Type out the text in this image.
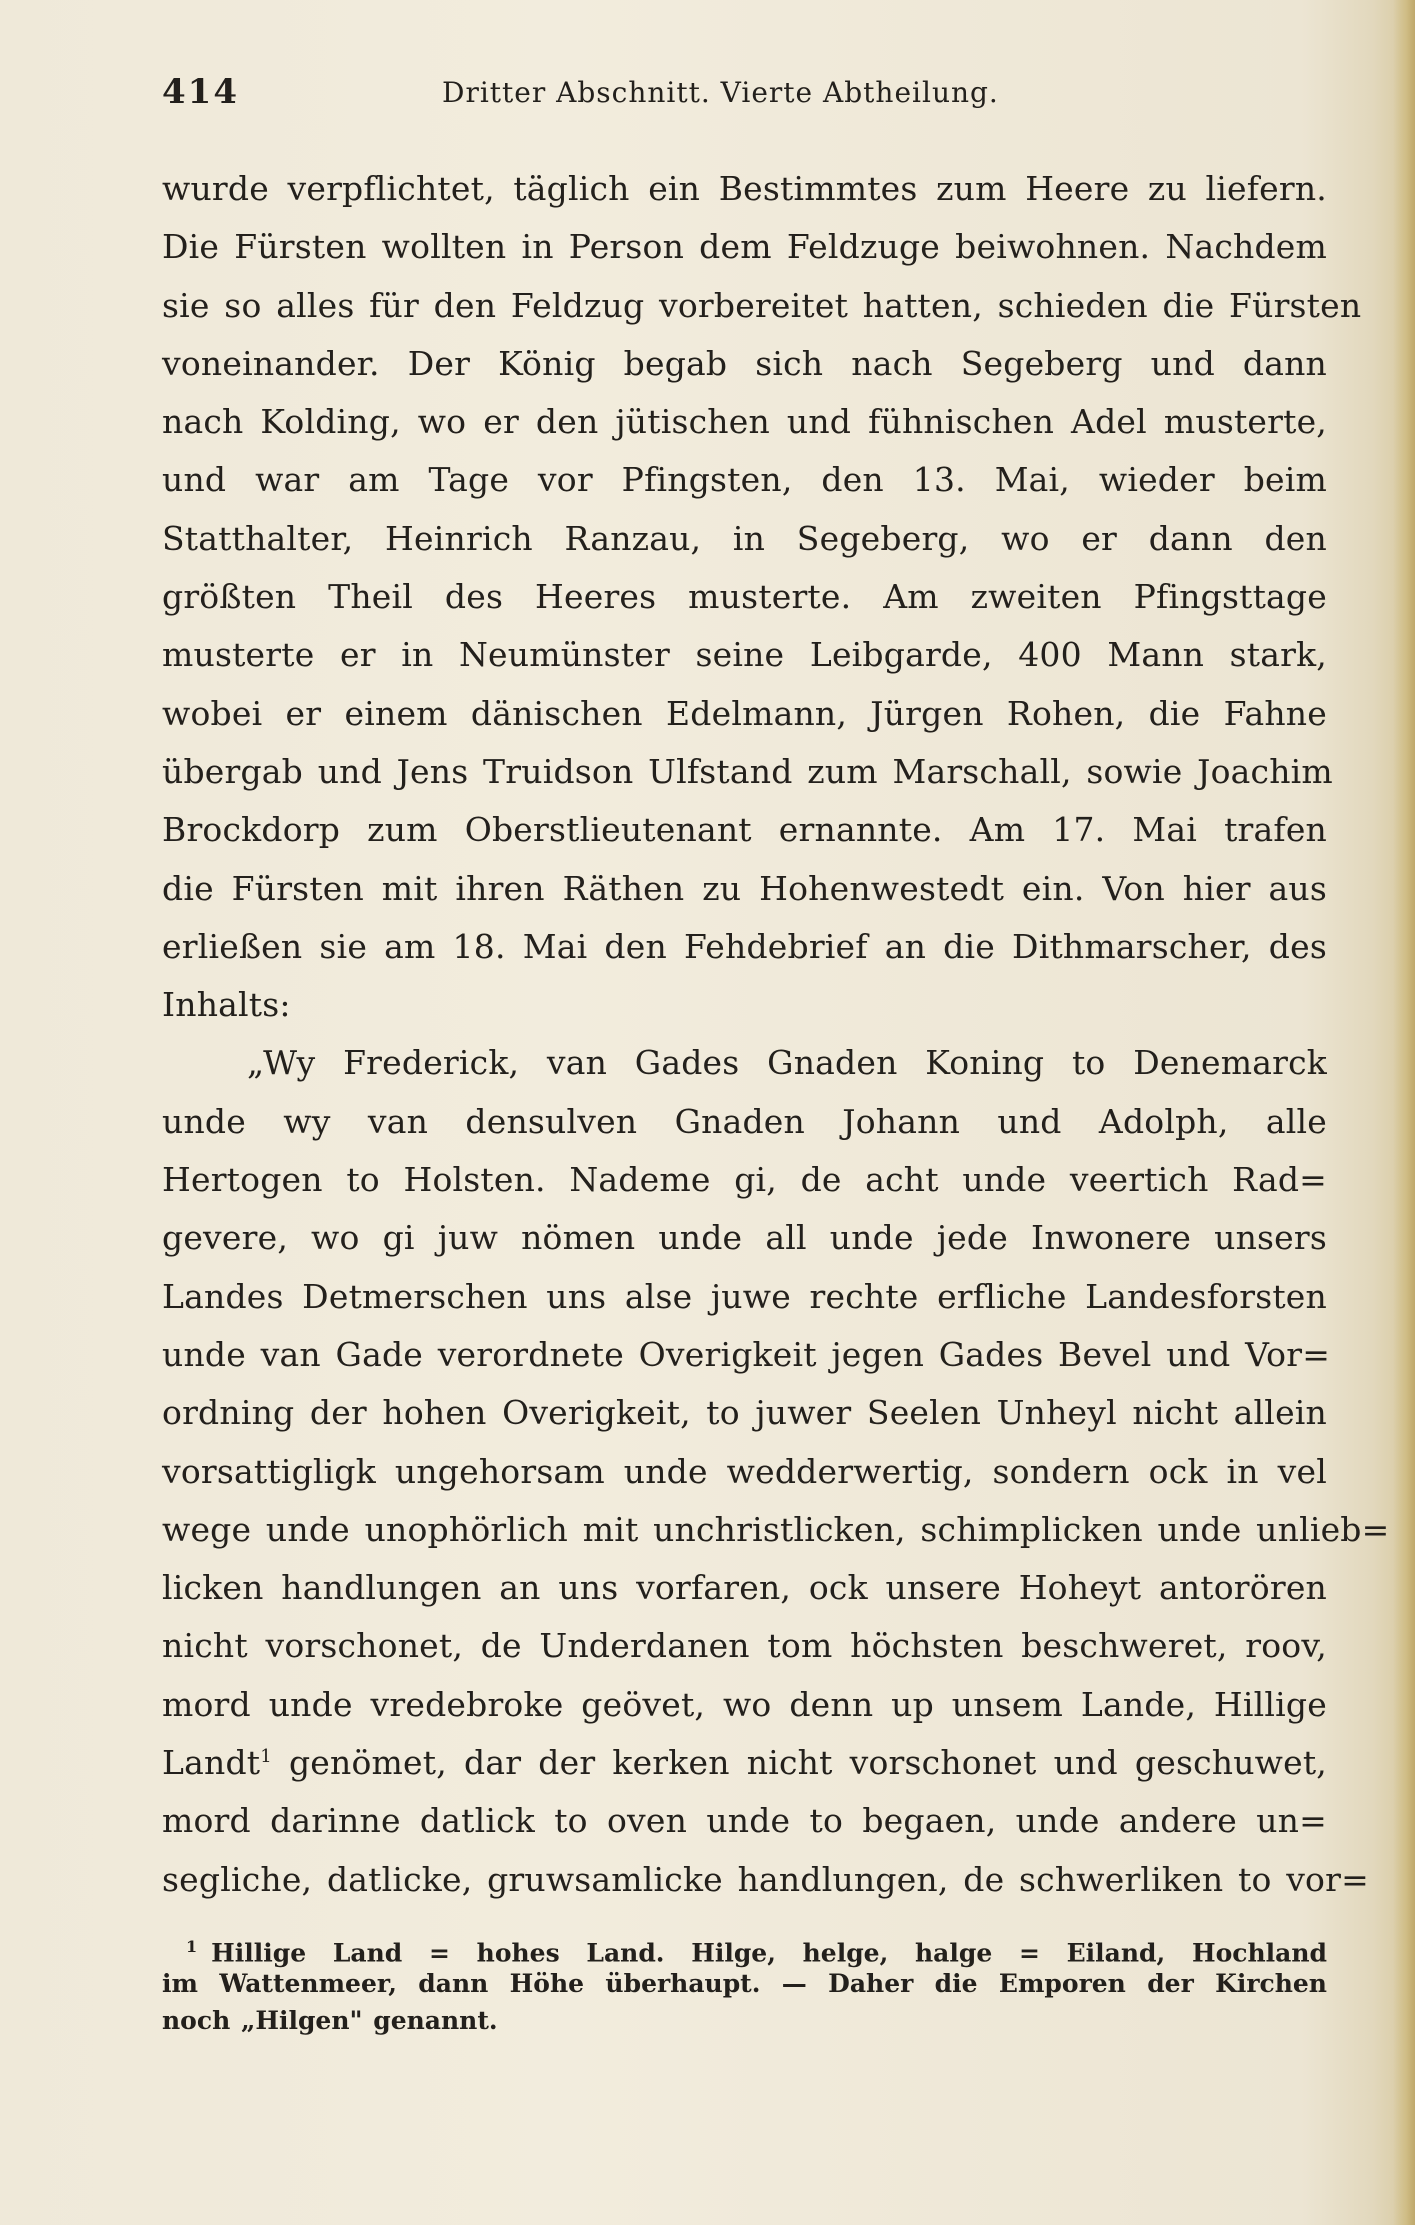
414	Dritter Abschnitt. Vierte Abtheilung.
wurde verpflichtet, täglich ein Bestimmtes zum Heere zu liefern.
Die Fürsten wollten in Person dem Feldzuge beiwohnen. Nachdem
sie so alles für den Feldzug vorbereitet hatten, schieden die Fürsten
voneinander. Der König begab sich nach Segeberg und dann
nach Kolding, wo er den jütischen und fühnischen Adel musterte,
und war am Tage vor Pfingsten, den 13. Mai, wieder beim
Statthalter, Heinrich Ranzau, in Segeberg, wo er dann den
größten Theil des Heeres musterte. Am zweiten Pfingsttage
musterte er in Neumünster seine Leibgarde, 400 Mann stark,
wobei er einem dänischen Edelmann, Jürgen Rohen, die Fahne
übergab und Jens Truidson Ulfstand zum Marschall, sowie Joachim
Brockdorp zum Oberstlieutenant ernannte. Am 17. Mai trafen
die Fürsten mit ihren Räthen zu Hohenwestedt ein. Von hier aus
erließen sie am 18. Mai den Fehdebrief an die Dithmarscher, des
Inhalts:
„Wy Frederick, van Gades Gnaden Koning to Denemarck
unde wy van densulven Gnaden Johann und Adolph, alle
Hertogen to Holsten. Nademe gi, de acht unde veertich Rad=
gevere, wo gi juw nömen unde all unde jede Inwonere unsers
Landes Detmerschen uns alse juwe rechte erfliche Landesforsten
unde van Gade verordnete Overigkeit jegen Gades Bevel und Vor=
ordning der hohen Overigkeit, to juwer Seelen Unheyl nicht allein
vorsattigligk ungehorsam unde wedderwertig, sondern ock in vel
wege unde unophörlich mit unchristlicken, schimplicken unde unlieb=
licken handlungen an uns vorfaren, ock unsere Hoheyt antorören
nicht vorschonet, de Underdanen tom höchsten beschweret, roov,
mord unde vredebroke geövet, wo denn up unsem Lande, Hillige
Landt$^1$ genömet, dar der kerken nicht vorschonet und geschuwet,
mord darinne datlick to oven unde to begaen, unde andere un=
segliche, datlicke, gruwsamlicke handlungen, de schwerliken to vor=
$^1$ Hillige Land = hohes Land. Hilge, helge, halge = Eiland, Hochland
im Wattenmeer, dann Höhe überhaupt. — Daher die Emporen der Kirchen
noch „Hilgen" genannt.
